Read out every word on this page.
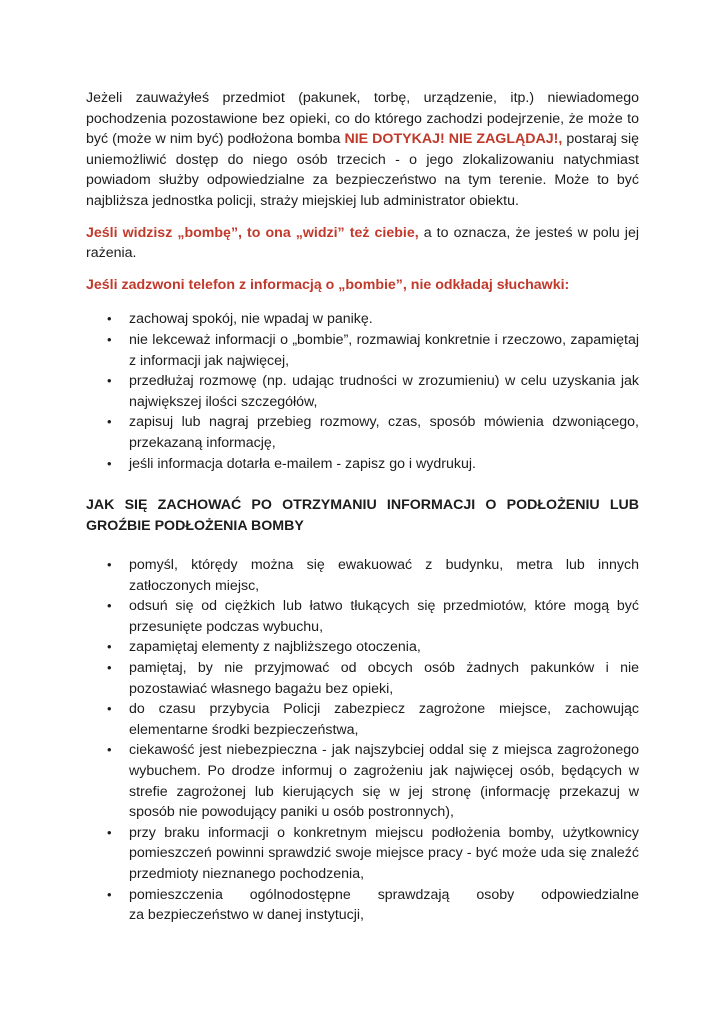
Jeżeli zauważyłeś przedmiot (pakunek, torbę, urządzenie, itp.) niewiadomego pochodzenia pozostawione bez opieki, co do którego zachodzi podejrzenie, że może to być (może w nim być) podłożona bomba NIE DOTYKAJ! NIE ZAGLĄDAJ!, postaraj się uniemożliwić dostęp do niego osób trzecich - o jego zlokalizowaniu natychmiast powiadom służby odpowiedzialne za bezpieczeństwo na tym terenie. Może to być najbliższa jednostka policji, straży miejskiej lub administrator obiektu.

Jeśli widzisz „bombę”, to ona „widzi” też ciebie, a to oznacza, że jesteś w polu jej rażenia.

Jeśli zadzwoni telefon z informacją o „bombie”, nie odkładaj słuchawki:

• zachowaj spokój, nie wpadaj w panikę.
• nie lekceważ informacji o „bombie”, rozmawiaj konkretnie i rzeczowo, zapamiętaj z informacji jak najwięcej,
• przedłużaj rozmowę (np. udając trudności w zrozumieniu) w celu uzyskania jak największej ilości szczegółów,
• zapisuj lub nagraj przebieg rozmowy, czas, sposób mówienia dzwoniącego, przekazaną informację,
• jeśli informacja dotarła e-mailem - zapisz go i wydrukuj.
JAK SIĘ ZACHOWAĆ PO OTRZYMANIU INFORMACJI O PODŁOŻENIU LUB GROŹBIE PODŁOŻENIA BOMBY
• pomyśl, którędy można się ewakuować z budynku, metra lub innych zatłoczonych miejsc,
• odsuń się od ciężkich lub łatwo tłukących się przedmiotów, które mogą być przesunięte podczas wybuchu,
• zapamiętaj elementy z najbliższego otoczenia,
• pamiętaj, by nie przyjmować od obcych osób żadnych pakunków i nie pozostawiać własnego bagażu bez opieki,
• do czasu przybycia Policji zabezpiecz zagrożone miejsce, zachowując elementarne środki bezpieczeństwa,
• ciekawość jest niebezpieczna - jak najszybciej oddal się z miejsca zagrożonego wybuchem. Po drodze informuj o zagrożeniu jak najwięcej osób, będących w strefie zagrożonej lub kierujących się w jej stronę (informację przekazuj w sposób nie powodujący paniki u osób postronnych),
• przy braku informacji o konkretnym miejscu podłożenia bomby, użytkownicy pomieszczeń powinni sprawdzić swoje miejsce pracy - być może uda się znaleźć przedmioty nieznanego pochodzenia,
• pomieszczenia ogólnodostępne sprawdzają osoby odpowiedzialne
za bezpieczeństwo w danej instytucji,
